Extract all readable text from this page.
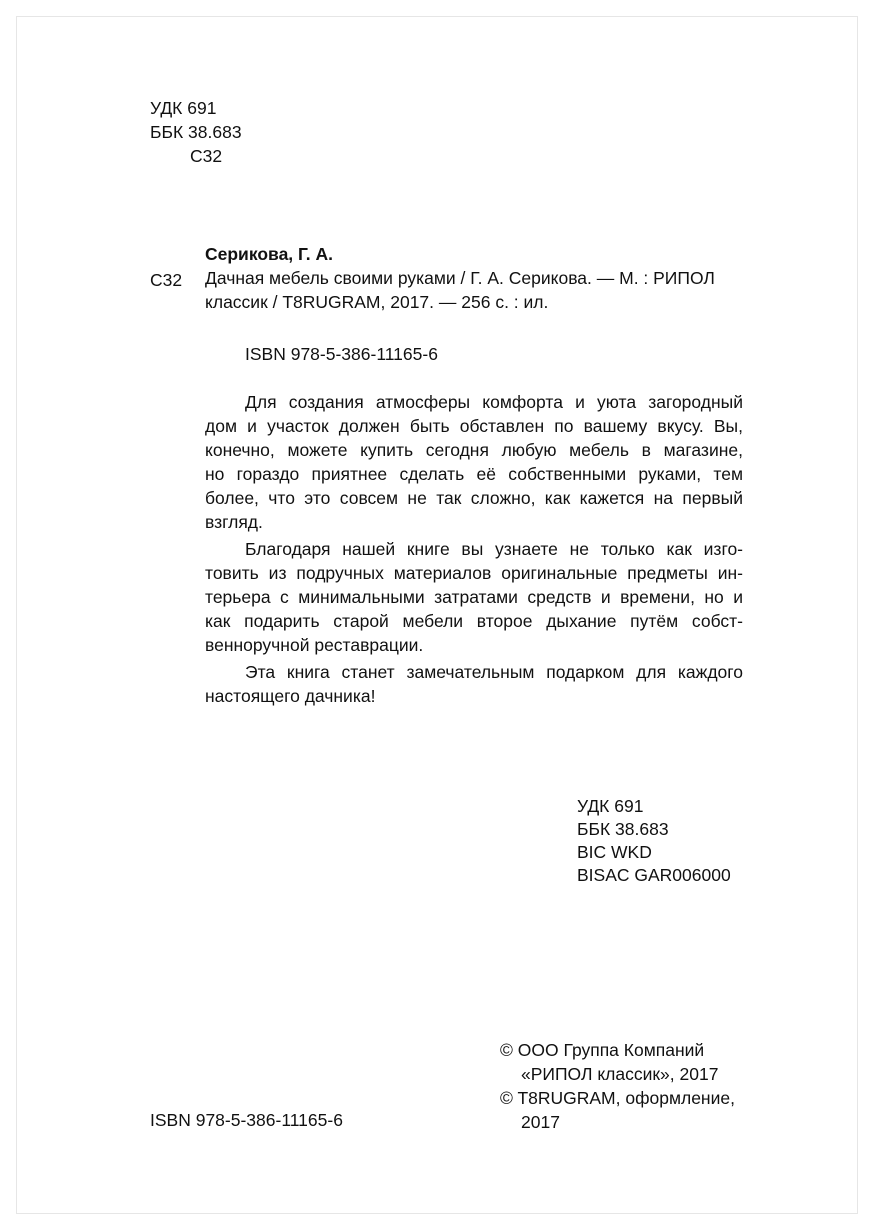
УДК 691
ББК 38.683
С32
Серикова, Г. А.
С32 Дачная мебель своими руками / Г. А. Серикова. — М. : РИПОЛ
классик / T8RUGRAM, 2017. — 256 с. : ил.
ISBN 978-5-386-11165-6
Для создания атмосферы комфорта и уюта загородный
дом и участок должен быть обставлен по вашему вкусу. Вы,
конечно, можете купить сегодня любую мебель в магазине,
но гораздо приятнее сделать её собственными руками, тем
более, что это совсем не так сложно, как кажется на первый
взгляд.
Благодаря нашей книге вы узнаете не только как изго-
товить из подручных материалов оригинальные предметы ин-
терьера с минимальными затратами средств и времени, но и
как подарить старой мебели второе дыхание путём собст-
венноручной реставрации.
Эта книга станет замечательным подарком для каждого
настоящего дачника!
УДК 691
ББК 38.683
BIC WKD
BISAC GAR006000
ISBN 978-5-386-11165-6
© ООО Группа Компаний
«РИПОЛ классик», 2017
© T8RUGRAM, оформление,
2017
